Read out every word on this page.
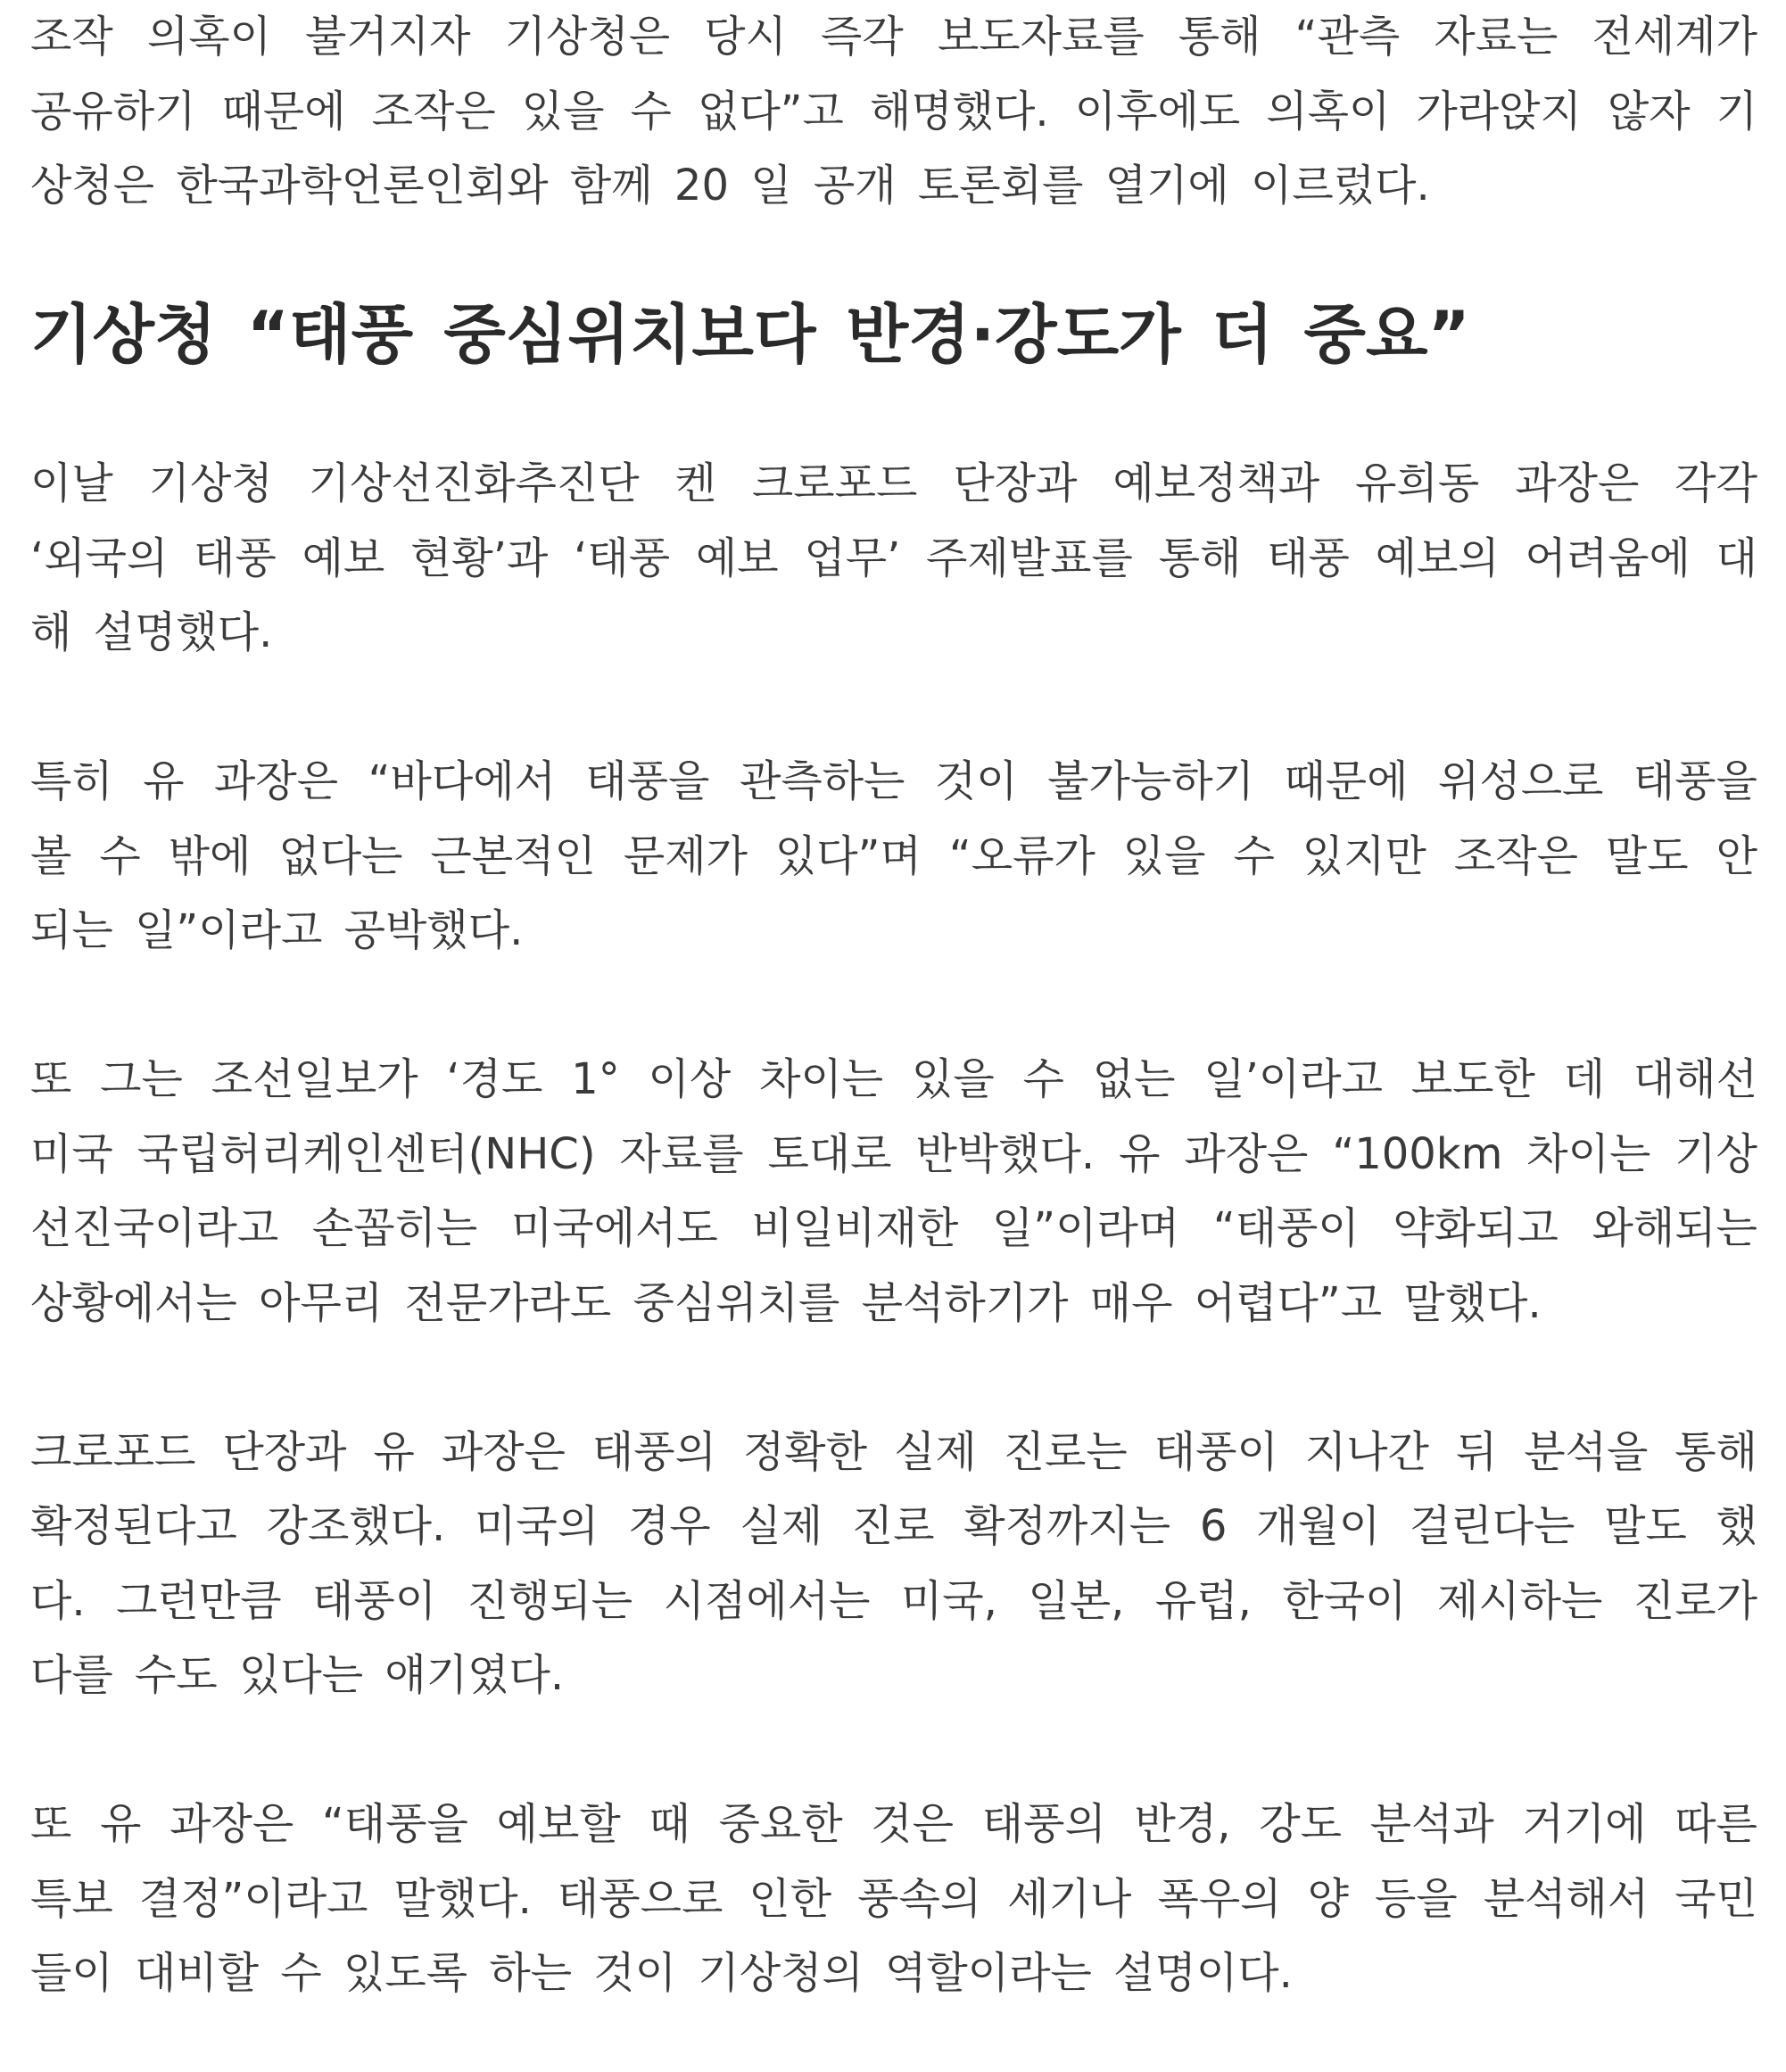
조작 의혹이 불거지자 기상청은 당시 즉각 보도자료를 통해 “관측 자료는 전세계가
공유하기 때문에 조작은 있을 수 없다”고 해명했다. 이후에도 의혹이 가라앉지 않자 기
상청은 한국과학언론인회와 함께 20 일 공개 토론회를 열기에 이르렀다.

기상청 “태풍 중심위치보다 반경·강도가 더 중요”

이날 기상청 기상선진화추진단 켄 크로포드 단장과 예보정책과 유희동 과장은 각각
‘외국의 태풍 예보 현황’과 ‘태풍 예보 업무’ 주제발표를 통해 태풍 예보의 어려움에 대
해 설명했다.

특히 유 과장은 “바다에서 태풍을 관측하는 것이 불가능하기 때문에 위성으로 태풍을
볼 수 밖에 없다는 근본적인 문제가 있다”며 “오류가 있을 수 있지만 조작은 말도 안
되는 일”이라고 공박했다.

또 그는 조선일보가 ‘경도 1° 이상 차이는 있을 수 없는 일’이라고 보도한 데 대해선
미국 국립허리케인센터(NHC) 자료를 토대로 반박했다. 유 과장은 “100km 차이는 기상
선진국이라고 손꼽히는 미국에서도 비일비재한 일”이라며 “태풍이 약화되고 와해되는
상황에서는 아무리 전문가라도 중심위치를 분석하기가 매우 어렵다”고 말했다.

크로포드 단장과 유 과장은 태풍의 정확한 실제 진로는 태풍이 지나간 뒤 분석을 통해
확정된다고 강조했다. 미국의 경우 실제 진로 확정까지는 6 개월이 걸린다는 말도 했
다. 그런만큼 태풍이 진행되는 시점에서는 미국, 일본, 유럽, 한국이 제시하는 진로가
다를 수도 있다는 얘기였다.

또 유 과장은 “태풍을 예보할 때 중요한 것은 태풍의 반경, 강도 분석과 거기에 따른
특보 결정”이라고 말했다. 태풍으로 인한 풍속의 세기나 폭우의 양 등을 분석해서 국민
들이 대비할 수 있도록 하는 것이 기상청의 역할이라는 설명이다.
